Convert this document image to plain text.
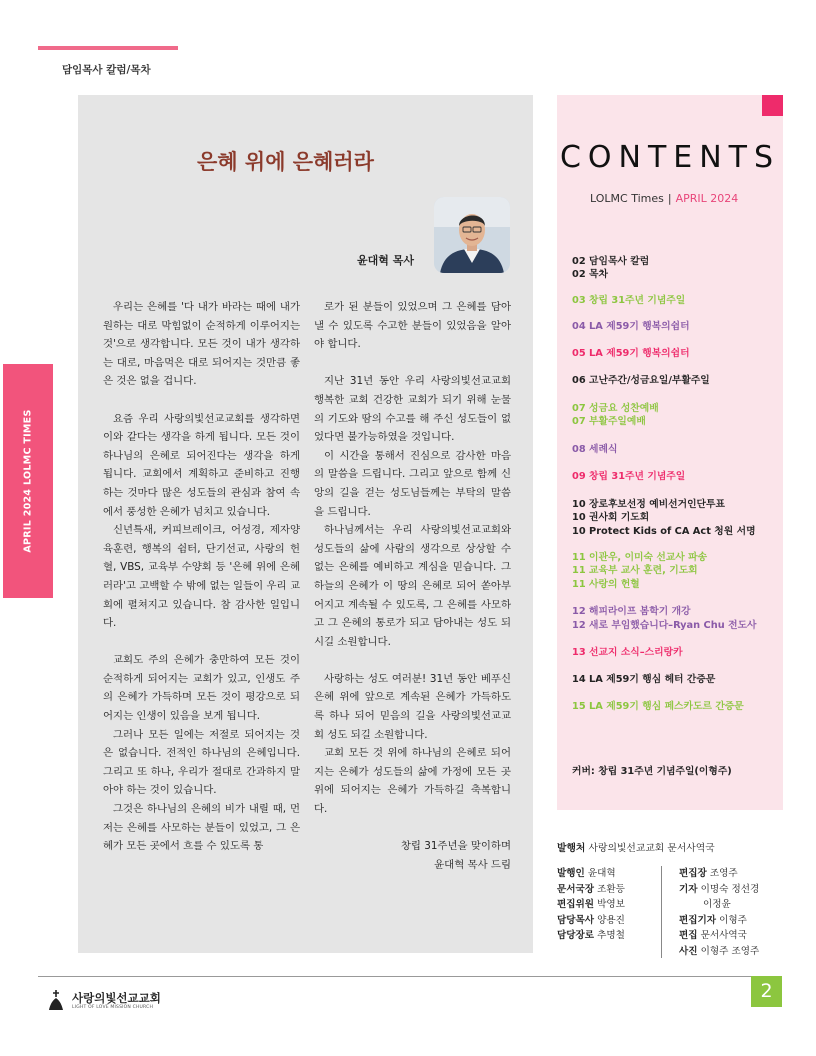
담임목사 칼럼/목차
APRIL 2024 LOLMC TIMES
은혜 위에 은혜러라
윤대혁 목사

우리는 은혜를 '다 내가 바라는 때에 내가 원하는 대로 막힘없이 순적하게 이루어지는 것'으로 생각합니다. 모든 것이 내가 생각하는 대로, 마음먹은 대로 되어지는 것만큼 좋은 것은 없을 겁니다.

요즘 우리 사랑의빛선교교회를 생각하면 이와 같다는 생각을 하게 됩니다. 모든 것이 하나님의 은혜로 되어진다는 생각을 하게 됩니다. 교회에서 계획하고 준비하고 진행하는 것마다 많은 성도들의 관심과 참여 속에서 풍성한 은혜가 넘치고 있습니다.

신년특새, 커피브레이크, 어성경, 제자양육훈련, 행복의 쉼터, 단기선교, 사랑의 헌혈, VBS, 교육부 수양회 등 '은혜 위에 은혜러라'고 고백할 수 밖에 없는 일들이 우리 교회에 펼쳐지고 있습니다. 참 감사한 일입니다.

교회도 주의 은혜가 충만하여 모든 것이 순적하게 되어지는 교회가 있고, 인생도 주의 은혜가 가득하며 모든 것이 평강으로 되어지는 인생이 있음을 보게 됩니다.

그러나 모든 일에는 저절로 되어지는 것은 없습니다. 전적인 하나님의 은혜입니다. 그리고 또 하나, 우리가 절대로 간과하지 말아야 하는 것이 있습니다.

그것은 하나님의 은혜의 비가 내릴 때, 먼저는 은혜를 사모하는 분들이 있었고, 그 은혜가 모든 곳에서 흐를 수 있도록 통

로가 된 분들이 있었으며 그 은혜를 담아낼 수 있도록 수고한 분들이 있었음을 알아야 합니다.

지난 31년 동안 우리 사랑의빛선교교회 행복한 교회 건강한 교회가 되기 위해 눈물의 기도와 땀의 수고를 해 주신 성도들이 없었다면 불가능하였을 것입니다.

이 시간을 통해서 진심으로 감사한 마음의 말씀을 드립니다. 그리고 앞으로 함께 신앙의 길을 걷는 성도님들께는 부탁의 말씀을 드립니다.

하나님께서는 우리 사랑의빛선교교회와 성도들의 삶에 사람의 생각으로 상상할 수 없는 은혜를 예비하고 계심을 믿습니다. 그 하늘의 은혜가 이 땅의 은혜로 되어 쏟아부어지고 계속될 수 있도록, 그 은혜를 사모하고 그 은혜의 통로가 되고 담아내는 성도 되시길 소원합니다.

사랑하는 성도 여러분! 31년 동안 베푸신 은혜 위에 앞으로 계속된 은혜가 가득하도록 하나 되어 믿음의 길을 사랑의빛선교교회 성도 되길 소원합니다.

교회 모든 것 위에 하나님의 은혜로 되어지는 은혜가 성도들의 삶에 가정에 모든 곳 위에 되어지는 은혜가 가득하길 축복합니다.

창립 31주년을 맞이하며

윤대혁 목사 드림

CONTENTS
LOLMC Times | APRIL 2024
02 담임목사 칼럼
02 목차
03 창립 31주년 기념주일
04 LA 제59기 행복의쉼터
05 LA 제59기 행복의쉼터
06 고난주간/성금요일/부활주일
07 성금요 성찬예배
07 부활주일예배
08 세례식
09 창립 31주년 기념주일
10 장로후보선정 예비선거인단투표
10 권사회 기도회
10 Protect Kids of CA Act 청원 서명
11 이관우, 이미숙 선교사 파송
11 교육부 교사 훈련, 기도회
11 사랑의 헌혈
12 해피라이프 봄학기 개강
12 새로 부임했습니다–Ryan Chu 전도사
13 선교지 소식–스리랑카
14 LA 제59기 행심 헤터 간증문
15 LA 제59기 행심 페스카도르 간증문
커버: 창립 31주년 기념주일(이형주)
발행처 사랑의빛선교교회 문서사역국
발행인 윤대혁
문서국장 조환등
편집위원 박영보
담당목사 양용진
담당장로 추명철
편집장 조영주
기자 이명숙 정선경
이정윤
편집기자 이형주
편집 문서사역국
사진 이형주 조영주
사랑의빛선교교회
LIGHT OF LOVE MISSION CHURCH
2
